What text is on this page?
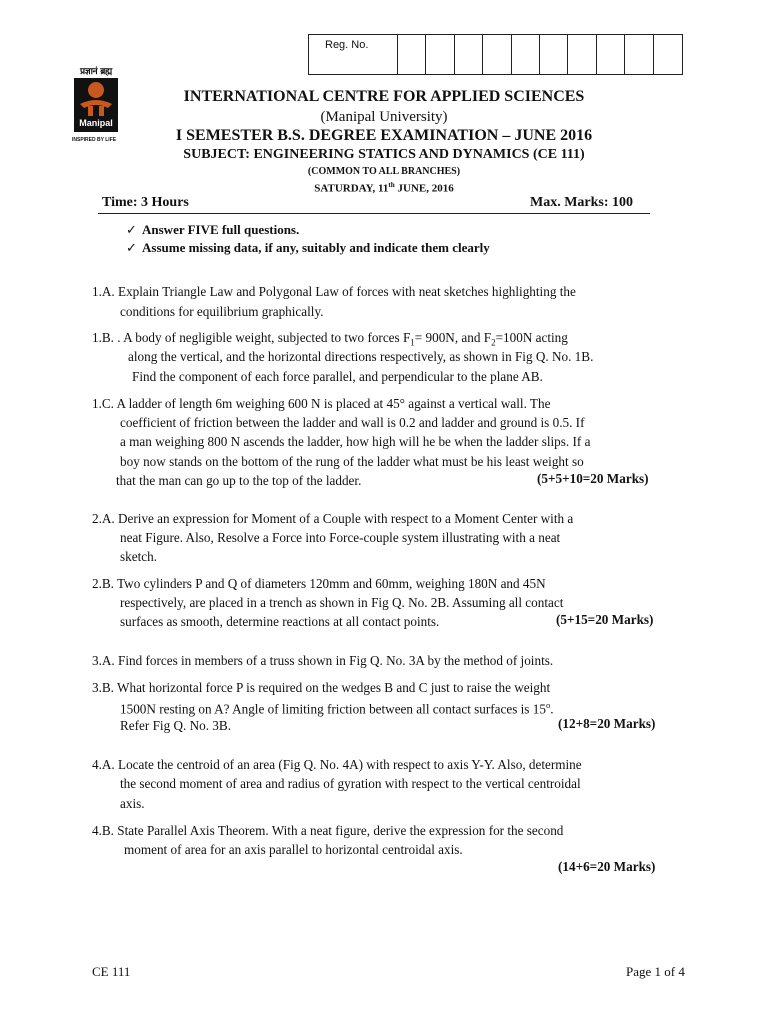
Reg. No.
प्रज्ञानं ब्रह्म
Manipal
INSPIRED BY LIFE
INTERNATIONAL CENTRE FOR APPLIED SCIENCES
(Manipal University)
I SEMESTER B.S. DEGREE EXAMINATION – JUNE 2016
SUBJECT: ENGINEERING STATICS AND DYNAMICS (CE 111)
(COMMON TO ALL BRANCHES)
SATURDAY, 11th JUNE, 2016
Time: 3 Hours	Max. Marks: 100
✓ Answer FIVE full questions.
✓ Assume missing data, if any, suitably and indicate them clearly
1.A. Explain Triangle Law and Polygonal Law of forces with neat sketches highlighting the
conditions for equilibrium graphically.
1.B. . A body of negligible weight, subjected to two forces $F_1= 900N$, and $F_2=100N$ acting
along the vertical, and the horizontal directions respectively, as shown in Fig Q. No. 1B.
Find the component of each force parallel, and perpendicular to the plane AB.
1.C. A ladder of length 6m weighing 600 N is placed at 45° against a vertical wall. The
coefficient of friction between the ladder and wall is 0.2 and ladder and ground is 0.5. If
a man weighing 800 N ascends the ladder, how high will he be when the ladder slips. If a
boy now stands on the bottom of the rung of the ladder what must be his least weight so
that the man can go up to the top of the ladder.	(5+5+10=20 Marks)
2.A. Derive an expression for Moment of a Couple with respect to a Moment Center with a
neat Figure. Also, Resolve a Force into Force-couple system illustrating with a neat
sketch.
2.B. Two cylinders P and Q of diameters 120mm and 60mm, weighing 180N and 45N
respectively, are placed in a trench as shown in Fig Q. No. 2B. Assuming all contact
surfaces as smooth, determine reactions at all contact points.	(5+15=20 Marks)
3.A. Find forces in members of a truss shown in Fig Q. No. 3A by the method of joints.
3.B. What horizontal force P is required on the wedges B and C just to raise the weight
1500N resting on A? Angle of limiting friction between all contact surfaces is 15$^o$.
Refer Fig Q. No. 3B.	(12+8=20 Marks)
4.A. Locate the centroid of an area (Fig Q. No. 4A) with respect to axis Y-Y. Also, determine
the second moment of area and radius of gyration with respect to the vertical centroidal
axis.
4.B. State Parallel Axis Theorem. With a neat figure, derive the expression for the second
moment of area for an axis parallel to horizontal centroidal axis.
(14+6=20 Marks)
CE 111	Page 1 of 4
